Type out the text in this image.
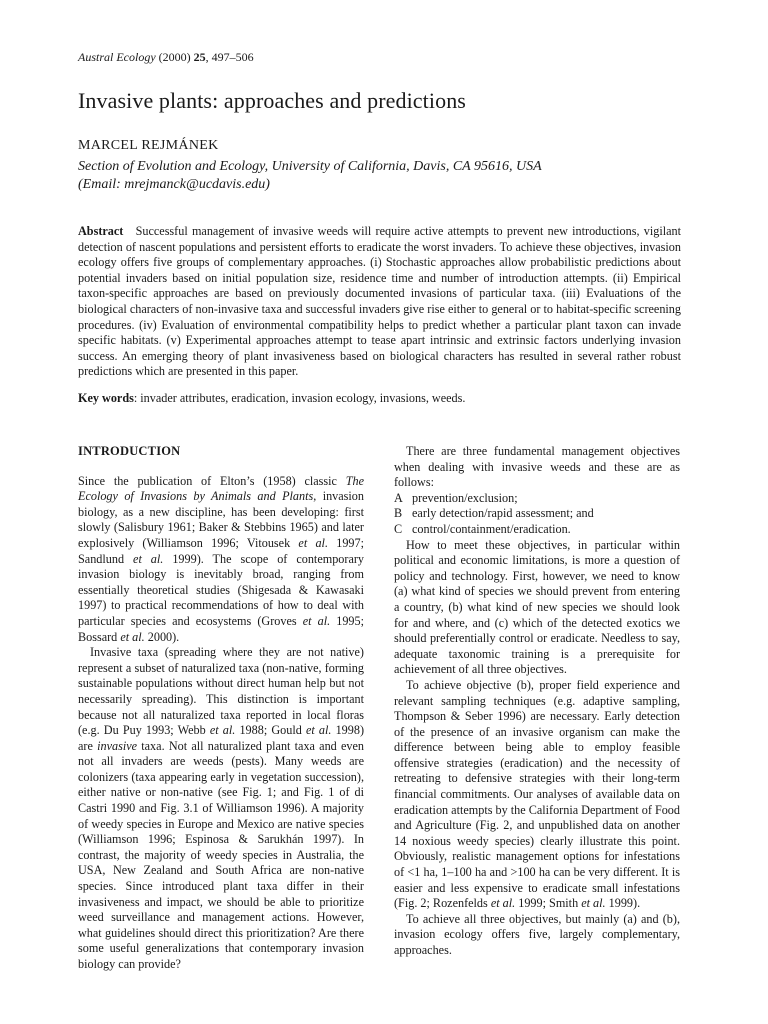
Austral Ecology (2000) 25, 497–506
Invasive plants: approaches and predictions
MARCEL REJMÁNEK
Section of Evolution and Ecology, University of California, Davis, CA 95616, USA
(Email: mrejmanck@ucdavis.edu)

Abstract Successful management of invasive weeds will require active attempts to prevent new introductions, vigilant detection of nascent populations and persistent efforts to eradicate the worst invaders. To achieve these objectives, invasion ecology offers five groups of complementary approaches. (i) Stochastic approaches allow probabilistic predictions about potential invaders based on initial population size, residence time and number of introduction attempts. (ii) Empirical taxon-specific approaches are based on previously documented invasions of particular taxa. (iii) Evaluations of the biological characters of non-invasive taxa and successful invaders give rise either to general or to habitat-specific screening procedures. (iv) Evaluation of environmental compatibility helps to predict whether a particular plant taxon can invade specific habitats. (v) Experimental approaches attempt to tease apart intrinsic and extrinsic factors underlying invasion success. An emerging theory of plant invasiveness based on biological characters has resulted in several rather robust predictions which are presented in this paper.

Key words: invader attributes, eradication, invasion ecology, invasions, weeds.

INTRODUCTION

Since the publication of Elton’s (1958) classic The Ecology of Invasions by Animals and Plants, invasion biology, as a new discipline, has been developing: first slowly (Salisbury 1961; Baker & Stebbins 1965) and later explosively (Williamson 1996; Vitousek et al. 1997; Sandlund et al. 1999). The scope of contemporary invasion biology is inevitably broad, ranging from essentially theoretical studies (Shigesada & Kawasaki 1997) to practical recommendations of how to deal with particular species and ecosystems (Groves et al. 1995; Bossard et al. 2000).

Invasive taxa (spreading where they are not native) represent a subset of naturalized taxa (non-native, forming sustainable populations without direct human help but not necessarily spreading). This distinction is important because not all naturalized taxa reported in local floras (e.g. Du Puy 1993; Webb et al. 1988; Gould et al. 1998) are invasive taxa. Not all naturalized plant taxa and even not all invaders are weeds (pests). Many weeds are colonizers (taxa appearing early in vegetation succession), either native or non-native (see Fig. 1; and Fig. 1 of di Castri 1990 and Fig. 3.1 of Williamson 1996). A majority of weedy species in Europe and Mexico are native species (Williamson 1996; Espinosa & Sarukhán 1997). In contrast, the majority of weedy species in Australia, the USA, New Zealand and South Africa are non-native species. Since introduced plant taxa differ in their invasiveness and impact, we should be able to prioritize weed surveillance and management actions. However, what guidelines should direct this prioritization? Are there some useful generalizations that contemporary invasion biology can provide?

There are three fundamental management objectives when dealing with invasive weeds and these are as follows:

A prevention/exclusion;
B early detection/rapid assessment; and
C control/containment/eradication.

How to meet these objectives, in particular within political and economic limitations, is more a question of policy and technology. First, however, we need to know (a) what kind of species we should prevent from entering a country, (b) what kind of new species we should look for and where, and (c) which of the detected exotics we should preferentially control or eradicate. Needless to say, adequate taxonomic training is a prerequisite for achievement of all three objectives.

To achieve objective (b), proper field experience and relevant sampling techniques (e.g. adaptive sampling, Thompson & Seber 1996) are necessary. Early detection of the presence of an invasive organism can make the difference between being able to employ feasible offensive strategies (eradication) and the necessity of retreating to defensive strategies with their long-term financial commitments. Our analyses of available data on eradication attempts by the California Department of Food and Agriculture (Fig. 2, and unpublished data on another 14 noxious weedy species) clearly illustrate this point. Obviously, realistic management options for infestations of <1 ha, 1–100 ha and >100 ha can be very different. It is easier and less expensive to eradicate small infestations (Fig. 2; Rozenfelds et al. 1999; Smith et al. 1999).

To achieve all three objectives, but mainly (a) and (b), invasion ecology offers five, largely complementary, approaches.
